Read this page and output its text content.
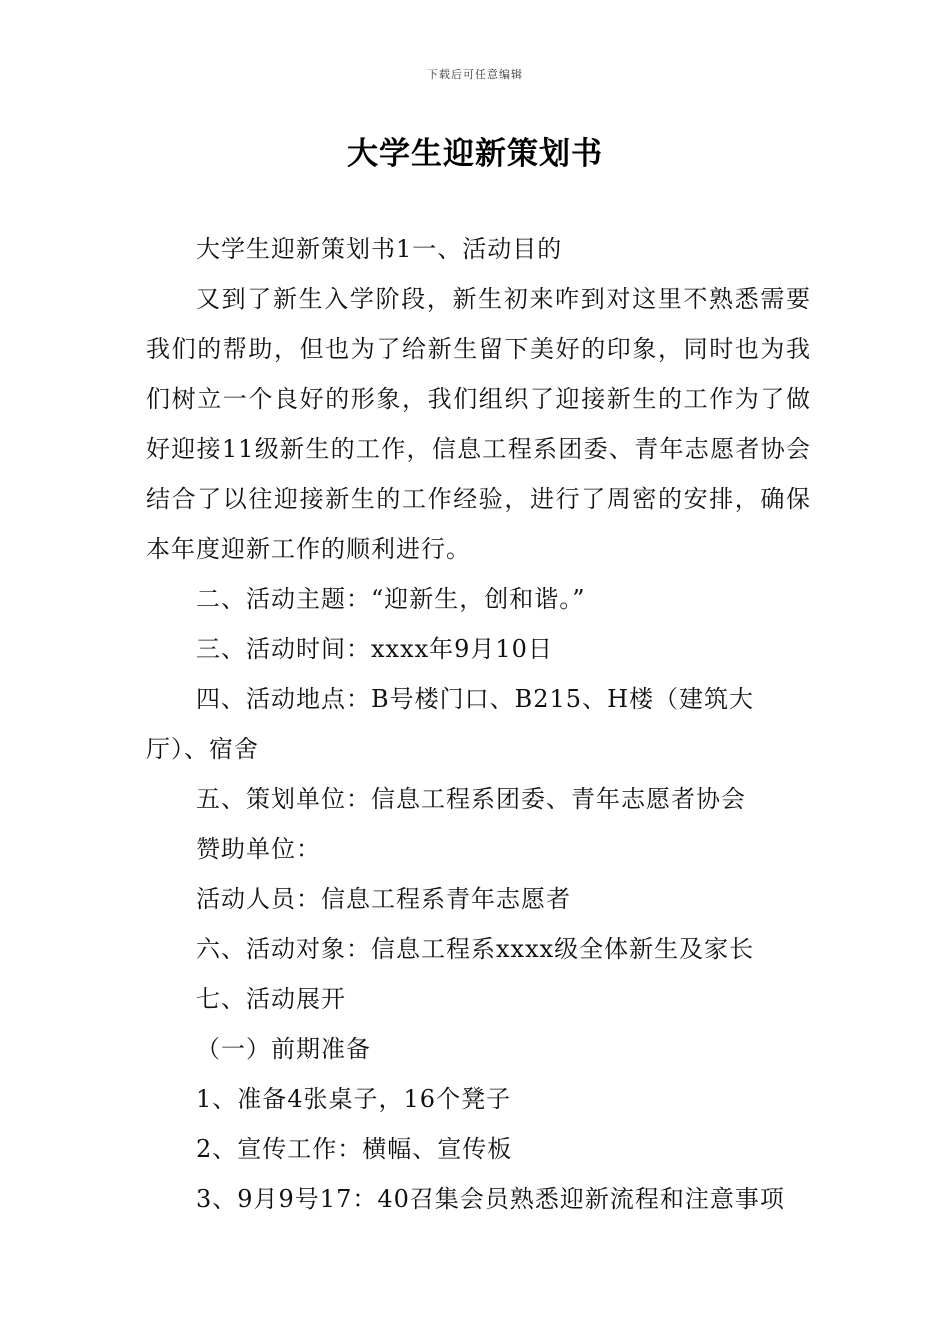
下载后可任意编辑
大学生迎新策划书

大学生迎新策划书1一、活动目的

又到了新生入学阶段，新生初来咋到对这里不熟悉需要我们的帮助，但也为了给新生留下美好的印象，同时也为我们树立一个良好的形象，我们组织了迎接新生的工作为了做好迎接11级新生的工作，信息工程系团委、青年志愿者协会结合了以往迎接新生的工作经验，进行了周密的安排，确保本年度迎新工作的顺利进行。

二、活动主题：“迎新生，创和谐。”

三、活动时间：xxxx年9月10日

四、活动地点：B号楼门口、B215、H楼（建筑大厅）、宿舍

五、策划单位：信息工程系团委、青年志愿者协会

赞助单位：

活动人员：信息工程系青年志愿者

六、活动对象：信息工程系xxxx级全体新生及家长

七、活动展开

（一）前期准备

1、准备4张桌子，16个凳子

2、宣传工作：横幅、宣传板

3、9月9号17：40召集会员熟悉迎新流程和注意事项
